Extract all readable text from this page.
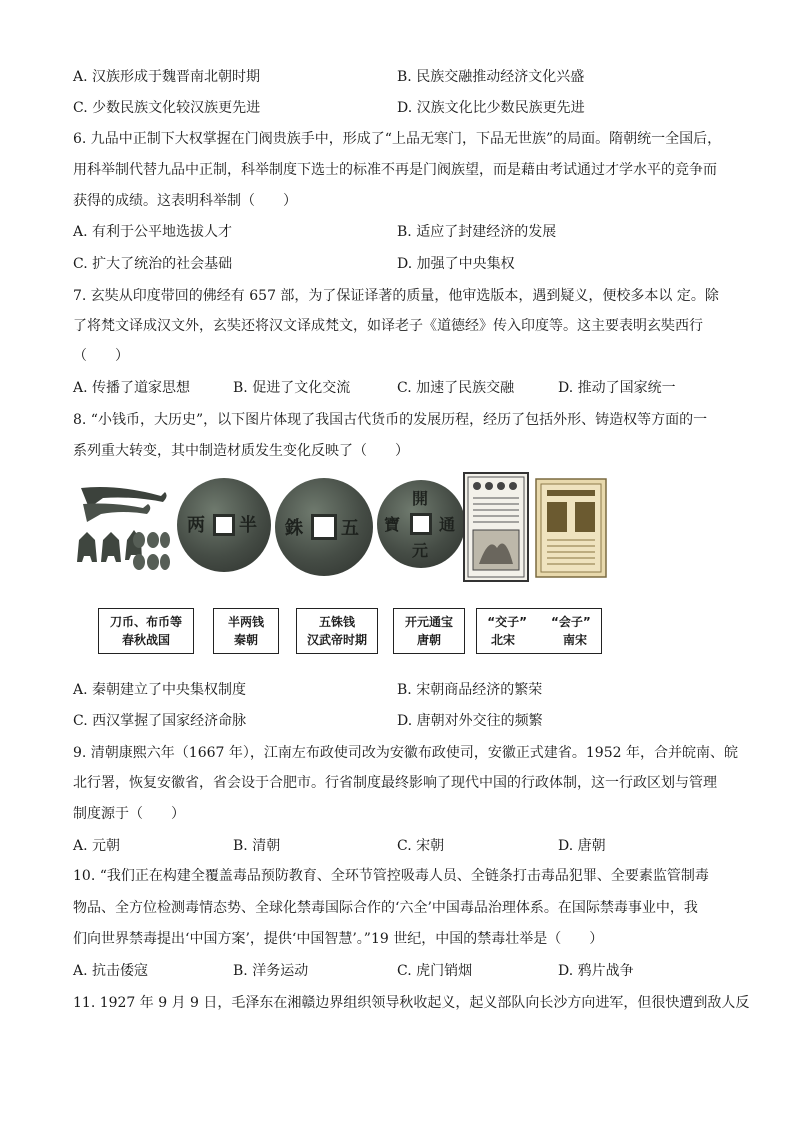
A. 汉族形成于魏晋南北朝时期	B. 民族交融推动经济文化兴盛
C. 少数民族文化较汉族更先进	D. 汉族文化比少数民族更先进
6. 九品中正制下大权掌握在门阀贵族手中，形成了“上品无寒门，下品无世族”的局面。隋朝统一全国后，
用科举制代替九品中正制，科举制度下选士的标准不再是门阀族望，而是藉由考试通过才学水平的竞争而
获得的成绩。这表明科举制（　　）
A. 有利于公平地选拔人才	B. 适应了封建经济的发展
C. 扩大了统治的社会基础	D. 加强了中央集权
7. 玄奘从印度带回的佛经有 657 部，为了保证译著的质量，他审选版本，遇到疑义，便校多本以 定。除
了将梵文译成汉文外，玄奘还将汉文译成梵文，如译老子《道德经》传入印度等。这主要表明玄奘西行
（　　）
A. 传播了道家思想	B. 促进了文化交流	C. 加速了民族交融	D. 推动了国家统一
8. “小钱币，大历史”，以下图片体现了我国古代货币的发展历程，经历了包括外形、铸造权等方面的一
系列重大转变，其中制造材质发生变化反映了（　　）
两 半 銖 五
開
通
元
寶
刀币、布币等
春秋战国
半两钱
秦朝
五铢钱
汉武帝时期
开元通宝
唐朝
“交子”　　“会子”
北宋　　　　南宋
A. 秦朝建立了中央集权制度	B. 宋朝商品经济的繁荣
C. 西汉掌握了国家经济命脉	D. 唐朝对外交往的频繁
9. 清朝康熙六年（1667 年），江南左布政使司改为安徽布政使司，安徽正式建省。1952 年，合并皖南、皖
北行署，恢复安徽省，省会设于合肥市。行省制度最终影响了现代中国的行政体制，这一行政区划与管理
制度源于（　　）
A. 元朝	B. 清朝	C. 宋朝	D. 唐朝
10. “我们正在构建全覆盖毒品预防教育、全环节管控吸毒人员、全链条打击毒品犯罪、全要素监管制毒
物品、全方位检测毒情态势、全球化禁毒国际合作的‘六全’中国毒品治理体系。在国际禁毒事业中，我
们向世界禁毒提出‘中国方案’，提供‘中国智慧’。”19 世纪，中国的禁毒壮举是（　　）
A. 抗击倭寇	B. 洋务运动	C. 虎门销烟	D. 鸦片战争
11. 1927 年 9 月 9 日，毛泽东在湘赣边界组织领导秋收起义，起义部队向长沙方向进军，但很快遭到敌人反
